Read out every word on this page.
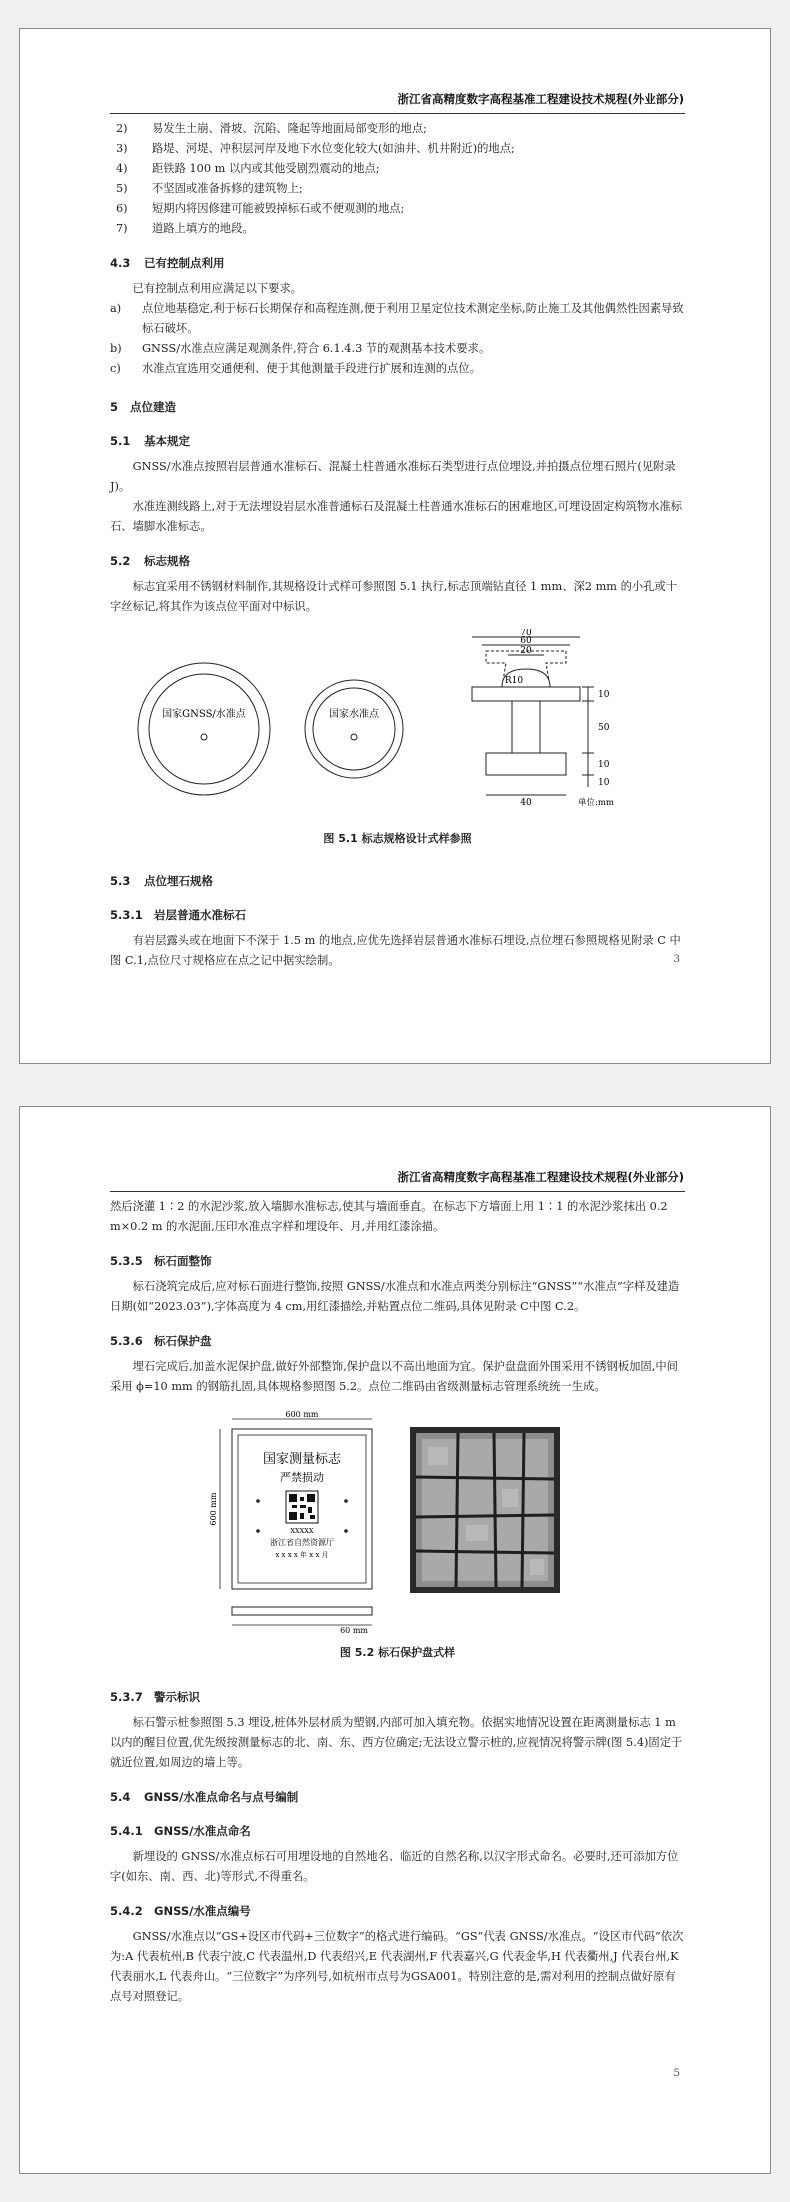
浙江省高精度数字高程基准工程建设技术规程(外业部分)
2) 易发生土崩、滑坡、沉陷、隆起等地面局部变形的地点;
3) 路堤、河堤、冲积层河岸及地下水位变化较大(如油井、机井附近)的地点;
4) 距铁路 100 m 以内或其他受剧烈震动的地点;
5) 不坚固或准备拆修的建筑物上;
6) 短期内将因修建可能被毁掉标石或不便观测的地点;
7) 道路上填方的地段。
4.3 已有控制点利用

已有控制点利用应满足以下要求。

a) 点位地基稳定,利于标石长期保存和高程连测,便于利用卫星定位技术测定坐标,防止施工及其他偶然性因素导致标石破坏。
b) GNSS/水准点应满足观测条件,符合 6.1.4.3 节的观测基本技术要求。
c) 水准点宜选用交通便利、便于其他测量手段进行扩展和连测的点位。
5 点位建造
5.1 基本规定

GNSS/水准点按照岩层普通水准标石、混凝土柱普通水准标石类型进行点位埋设,并拍摄点位埋石照片(见附录 J)。

水准连测线路上,对于无法埋设岩层水准普通标石及混凝土柱普通水准标石的困难地区,可埋设固定构筑物水准标石、墙脚水准标志。

5.2 标志规格

标志宜采用不锈钢材料制作,其规格设计式样可参照图 5.1 执行,标志顶端钻直径 1 mm、深2 mm 的小孔或十字丝标记,将其作为该点位平面对中标识。

国家GNSS/水准点	国家水准点
70
60
20
R10
10
50
10
10
40	单位:mm
图 5.1 标志规格设计式样参照
5.3 点位埋石规格
5.3.1 岩层普通水准标石

有岩层露头或在地面下不深于 1.5 m 的地点,应优先选择岩层普通水准标石埋设,点位埋石参照规格见附录 C 中图 C.1,点位尺寸规格应在点之记中据实绘制。	3
浙江省高精度数字高程基准工程建设技术规程(外业部分)

然后浇灌 1∶2 的水泥沙浆,放入墙脚水准标志,使其与墙面垂直。在标志下方墙面上用 1∶1 的水泥沙浆抹出 0.2 m×0.2 m 的水泥面,压印水准点字样和埋设年、月,并用红漆涂描。

5.3.5 标石面整饰

标石浇筑完成后,应对标石面进行整饰,按照 GNSS/水准点和水准点两类分别标注“GNSS”“水准点”字样及建造日期(如“2023.03”),字体高度为 4 cm,用红漆描绘,并粘置点位二维码,具体见附录 C中图 C.2。

5.3.6 标石保护盘

埋石完成后,加盖水泥保护盘,做好外部整饰,保护盘以不高出地面为宜。保护盘盘面外围采用不锈钢板加固,中间采用 ϕ=10 mm 的钢筋扎固,具体规格参照图 5.2。点位二维码由省级测量标志管理系统统一生成。

600 mm
600 mm
国家测量标志
严禁损动
XXXXX
浙江省自然资源厅
x x x x 年 x x 月
60 mm
图 5.2 标石保护盘式样
5.3.7 警示标识

标石警示桩参照图 5.3 埋设,桩体外层材质为塑钢,内部可加入填充物。依据实地情况设置在距离测量标志 1 m 以内的醒目位置,优先级按测量标志的北、南、东、西方位确定;无法设立警示桩的,应视情况将警示牌(图 5.4)固定于就近位置,如周边的墙上等。

5.4 GNSS/水准点命名与点号编制
5.4.1 GNSS/水准点命名

新埋设的 GNSS/水准点标石可用埋设地的自然地名、临近的自然名称,以汉字形式命名。必要时,还可添加方位字(如东、南、西、北)等形式,不得重名。

5.4.2 GNSS/水准点编号

GNSS/水准点以“GS+设区市代码+三位数字”的格式进行编码。“GS”代表 GNSS/水准点。“设区市代码”依次为:A 代表杭州,B 代表宁波,C 代表温州,D 代表绍兴,E 代表湖州,F 代表嘉兴,G 代表金华,H 代表衢州,J 代表台州,K 代表丽水,L 代表舟山。“三位数字”为序列号,如杭州市点号为GSA001。特别注意的是,需对利用的控制点做好原有点号对照登记。

5
